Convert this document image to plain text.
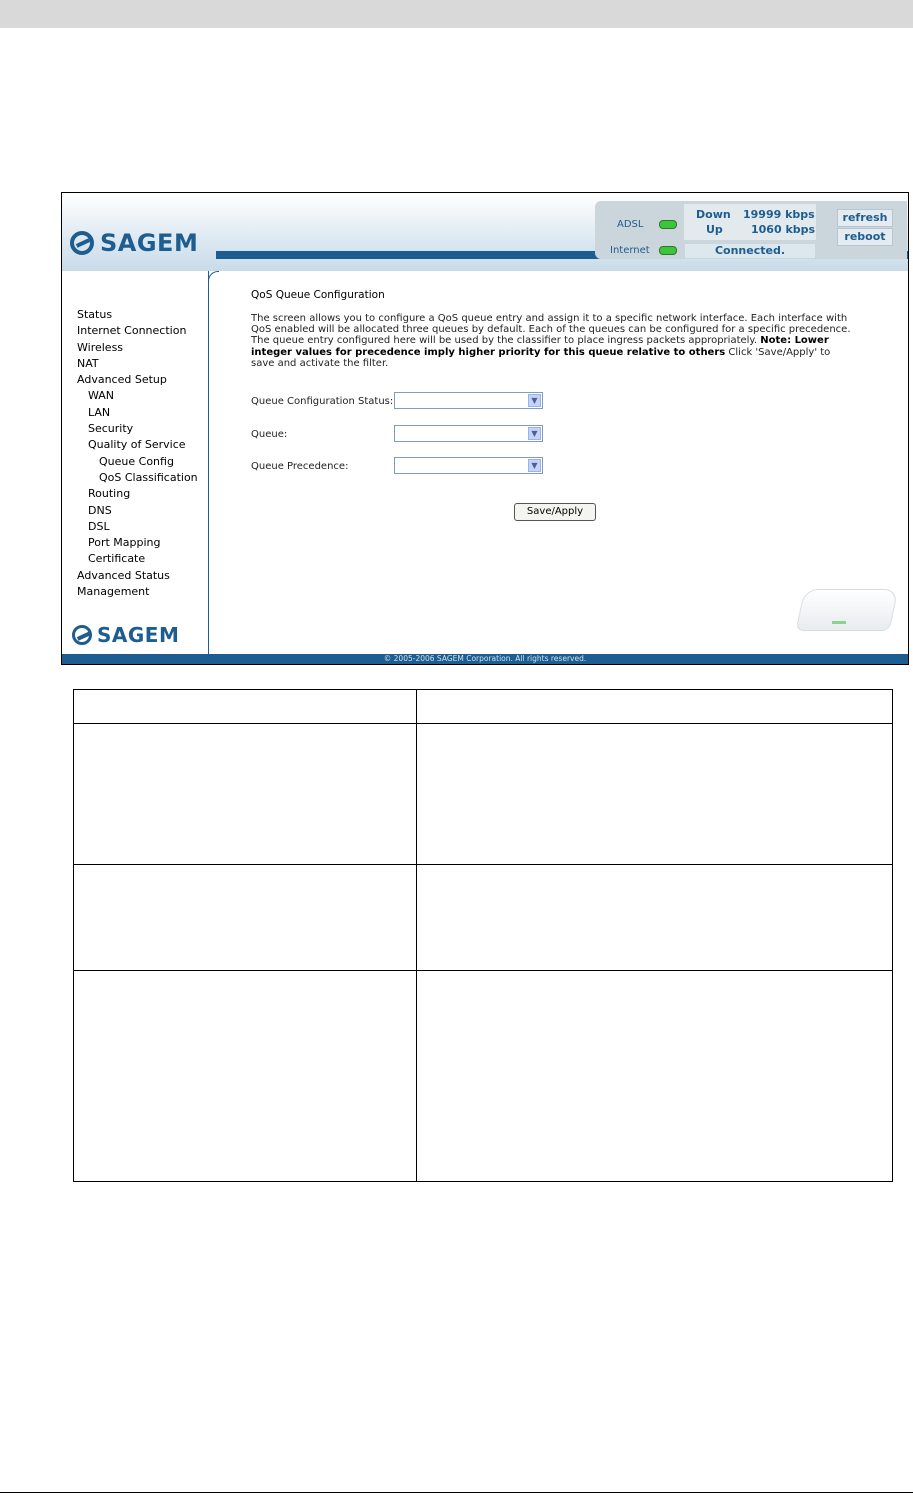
SAGEM
ADSL
Internet
Down 19999 kbps
Up	1060 kbps
Connected.
refresh
reboot
Status
Internet Connection
Wireless
NAT
Advanced Setup
WAN
LAN
Security
Quality of Service
Queue Config
QoS Classification
Routing
DNS
DSL
Port Mapping
Certificate
Advanced Status
Management
SAGEM
QoS Queue Configuration

The screen allows you to configure a QoS queue entry and assign it to a specific network interface. Each interface with QoS enabled will be allocated three queues by default. Each of the queues can be configured for a specific precedence. The queue entry configured here will be used by the classifier to place ingress packets appropriately. Note: Lower integer values for precedence imply higher priority for this queue relative to others Click 'Save/Apply' to save and activate the filter.

Queue Configuration Status:	▼
Queue:	▼
Queue Precedence:	▼
Save/Apply
© 2005-2006 SAGEM Corporation. All rights reserved.
